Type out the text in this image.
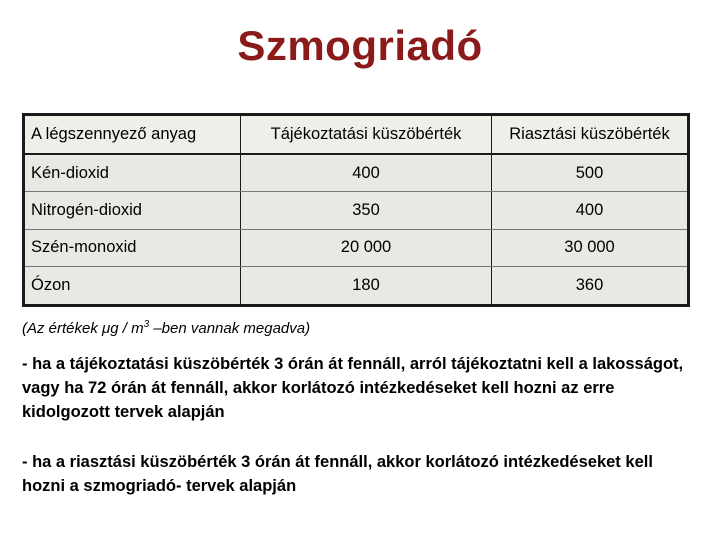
Szmogriadó
A légszennyező anyag	Tájékoztatási küszöbérték	Riasztási küszöbérték
Kén-dioxid	400	500
Nitrogén-dioxid	350	400
Szén-monoxid	20 000	30 000
Ózon	180	360
(Az értékek μg / $m^3$ –ben vannak megadva)
- ha a tájékoztatási küszöbérték 3 órán át fennáll, arról tájékoztatni kell a lakosságot, vagy ha 72 órán át fennáll, akkor korlátozó intézkedéseket kell hozni az erre kidolgozott tervek alapján
- ha a riasztási küszöbérték 3 órán át fennáll, akkor korlátozó intézkedéseket kell hozni a szmogriadó- tervek alapján
